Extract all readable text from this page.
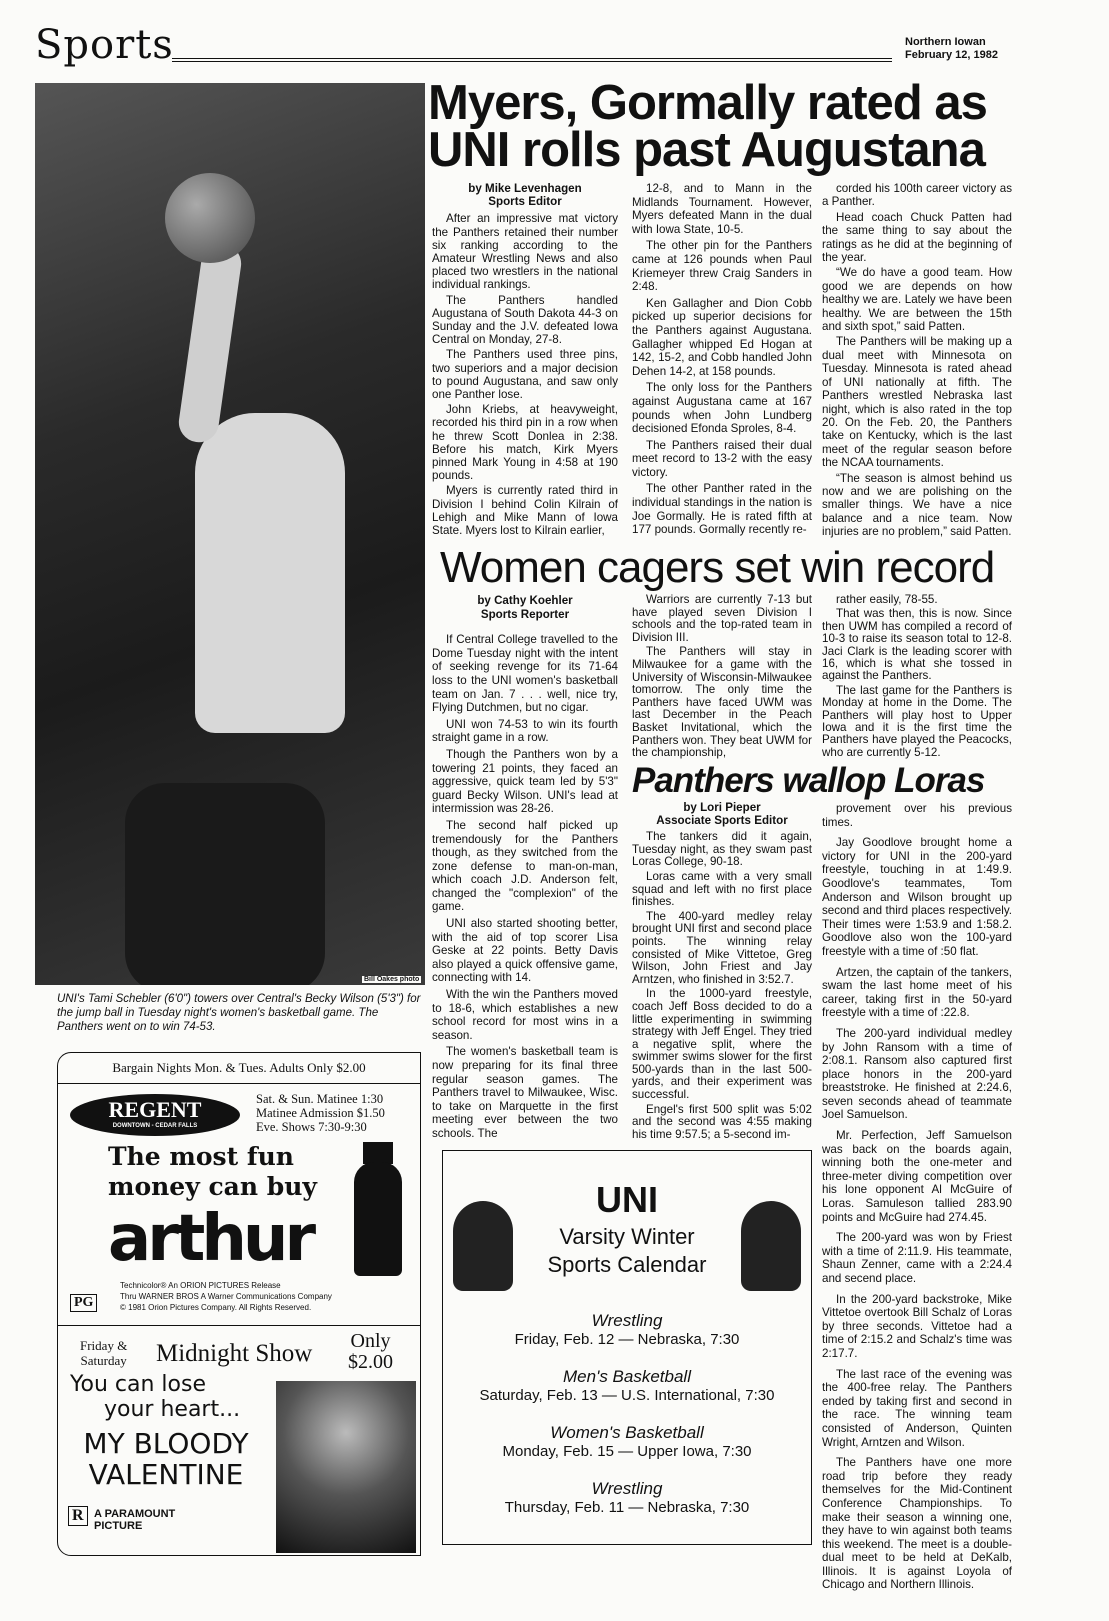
Sports	Northern Iowan
February 12, 1982
Bill Oakes photo
UNI's Tami Schebler (6'0") towers over Central's Becky Wilson (5'3") for the jump ball in Tuesday night's women's basketball game. The Panthers went on to win 74-53.
Bargain Nights Mon. & Tues. Adults Only $2.00
REGENT
DOWNTOWN - CEDAR FALLS
Sat. & Sun. Matinee 1:30
Matinee Admission $1.50
Eve. Shows 7:30-9:30
The most fun
money can buy
arthur
PG
Technicolor® An ORION PICTURES Release
Thru WARNER BROS A Warner Communications Company
© 1981 Orion Pictures Company. All Rights Reserved.
Friday &
Saturday Midnight Show Only
$2.00
You can lose
your heart...
MY BLOODY
VALENTINE
R A PARAMOUNT
PICTURE
Myers, Gormally rated as
UNI rolls past Augustana
by Mike Levenhagen
Sports Editor

After an impressive mat victory the Panthers retained their number six ranking according to the Amateur Wrestling News and also placed two wrestlers in the national individual rankings.

The Panthers handled Augustana of South Dakota 44-3 on Sunday and the J.V. defeated Iowa Central on Monday, 27-8.

The Panthers used three pins, two superiors and a major decision to pound Augustana, and saw only one Panther lose.

John Kriebs, at heavyweight, recorded his third pin in a row when he threw Scott Donlea in 2:38. Before his match, Kirk Myers pinned Mark Young in 4:58 at 190 pounds.

Myers is currently rated third in Division I behind Colin Kilrain of Lehigh and Mike Mann of Iowa State. Myers lost to Kilrain earlier,

12-8, and to Mann in the Midlands Tournament. However, Myers defeated Mann in the dual with Iowa State, 10-5.

The other pin for the Panthers came at 126 pounds when Paul Kriemeyer threw Craig Sanders in 2:48.

Ken Gallagher and Dion Cobb picked up superior decisions for the Panthers against Augustana. Gallagher whipped Ed Hogan at 142, 15-2, and Cobb handled John Dehen 14-2, at 158 pounds.

The only loss for the Panthers against Augustana came at 167 pounds when John Lundberg decisioned Efonda Sproles, 8-4.

The Panthers raised their dual meet record to 13-2 with the easy victory.

The other Panther rated in the individual standings in the nation is Joe Gormally. He is rated fifth at 177 pounds. Gormally recently re-

corded his 100th career victory as a Panther.

Head coach Chuck Patten had the same thing to say about the ratings as he did at the beginning of the year.

“We do have a good team. How good we are depends on how healthy we are. Lately we have been healthy. We are between the 15th and sixth spot,” said Patten.

The Panthers will be making up a dual meet with Minnesota on Tuesday. Minnesota is rated ahead of UNI nationally at fifth. The Panthers wrestled Nebraska last night, which is also rated in the top 20. On the Feb. 20, the Panthers take on Kentucky, which is the last meet of the regular season before the NCAA tournaments.

“The season is almost behind us now and we are polishing on the smaller things. We have a nice balance and a nice team. Now injuries are no problem,” said Patten.

Women cagers set win record
by Cathy Koehler
Sports Reporter

If Central College travelled to the Dome Tuesday night with the intent of seeking revenge for its 71-64 loss to the UNI women's basketball team on Jan. 7 . . . well, nice try, Flying Dutchmen, but no cigar.

UNI won 74-53 to win its fourth straight game in a row.

Though the Panthers won by a towering 21 points, they faced an aggressive, quick team led by 5'3" guard Becky Wilson. UNI's lead at intermission was 28-26.

The second half picked up tremendously for the Panthers though, as they switched from the zone defense to man-on-man, which coach J.D. Anderson felt, changed the "complexion" of the game.

UNI also started shooting better, with the aid of top scorer Lisa Geske at 22 points. Betty Davis also played a quick offensive game, connecting with 14.

With the win the Panthers moved to 18-6, which establishes a new school record for most wins in a season.

The women's basketball team is now preparing for its final three regular season games. The Panthers travel to Milwaukee, Wisc. to take on Marquette in the first meeting ever between the two schools. The

Warriors are currently 7-13 but have played seven Division I schools and the top-rated team in Division III.

The Panthers will stay in Milwaukee for a game with the University of Wisconsin-Milwaukee tomorrow. The only time the Panthers have faced UWM was last December in the Peach Basket Invitational, which the Panthers won. They beat UWM for the championship,

rather easily, 78-55.

That was then, this is now. Since then UWM has compiled a record of 10-3 to raise its season total to 12-8. Jaci Clark is the leading scorer with 16, which is what she tossed in against the Panthers.

The last game for the Panthers is Monday at home in the Dome. The Panthers will play host to Upper Iowa and it is the first time the Panthers have played the Peacocks, who are currently 5-12.

Panthers wallop Loras
by Lori Pieper
Associate Sports Editor

The tankers did it again, Tuesday night, as they swam past Loras College, 90-18.

Loras came with a very small squad and left with no first place finishes.

The 400-yard medley relay brought UNI first and second place points. The winning relay consisted of Mike Vittetoe, Greg Wilson, John Friest and Jay Arntzen, who finished in 3:52.7.

In the 1000-yard freestyle, coach Jeff Boss decided to do a little experimenting in swimming strategy with Jeff Engel. They tried a negative split, where the swimmer swims slower for the first 500-yards than in the last 500-yards, and their experiment was successful.

Engel's first 500 split was 5:02 and the second was 4:55 making his time 9:57.5; a 5-second im-

provement over his previous times.

Jay Goodlove brought home a victory for UNI in the 200-yard freestyle, touching in at 1:49.9. Goodlove's teammates, Tom Anderson and Wilson brought up second and third places respectively. Their times were 1:53.9 and 1:58.2. Goodlove also won the 100-yard freestyle with a time of :50 flat.

Artzen, the captain of the tankers, swam the last home meet of his career, taking first in the 50-yard freestyle with a time of :22.8.

The 200-yard individual medley by John Ransom with a time of 2:08.1. Ransom also captured first place honors in the 200-yard breaststroke. He finished at 2:24.6, seven seconds ahead of teammate Joel Samuelson.

Mr. Perfection, Jeff Samuelson was back on the boards again, winning both the one-meter and three-meter diving competition over his lone opponent Al McGuire of Loras. Samuleson tallied 283.90 points and McGuire had 274.45.

The 200-yard was won by Friest with a time of 2:11.9. His teammate, Shaun Zenner, came with a 2:24.4 and secend place.

In the 200-yard backstroke, Mike Vittetoe overtook Bill Schalz of Loras by three seconds. Vittetoe had a time of 2:15.2 and Schalz's time was 2:17.7.

The last race of the evening was the 400-free relay. The Panthers ended by taking first and second in the race. The winning team consisted of Anderson, Quinten Wright, Arntzen and Wilson.

The Panthers have one more road trip before they ready themselves for the Mid-Continent Conference Championships. To make their season a winning one, they have to win against both teams this weekend. The meet is a double-dual meet to be held at DeKalb, Illinois. It is against Loyola of Chicago and Northern Illinois.

UNI
Varsity Winter
Sports Calendar
Wrestling
Friday, Feb. 12 — Nebraska, 7:30
Men's Basketball
Saturday, Feb. 13 — U.S. International, 7:30
Women's Basketball
Monday, Feb. 15 — Upper Iowa, 7:30
Wrestling
Thursday, Feb. 11 — Nebraska, 7:30
